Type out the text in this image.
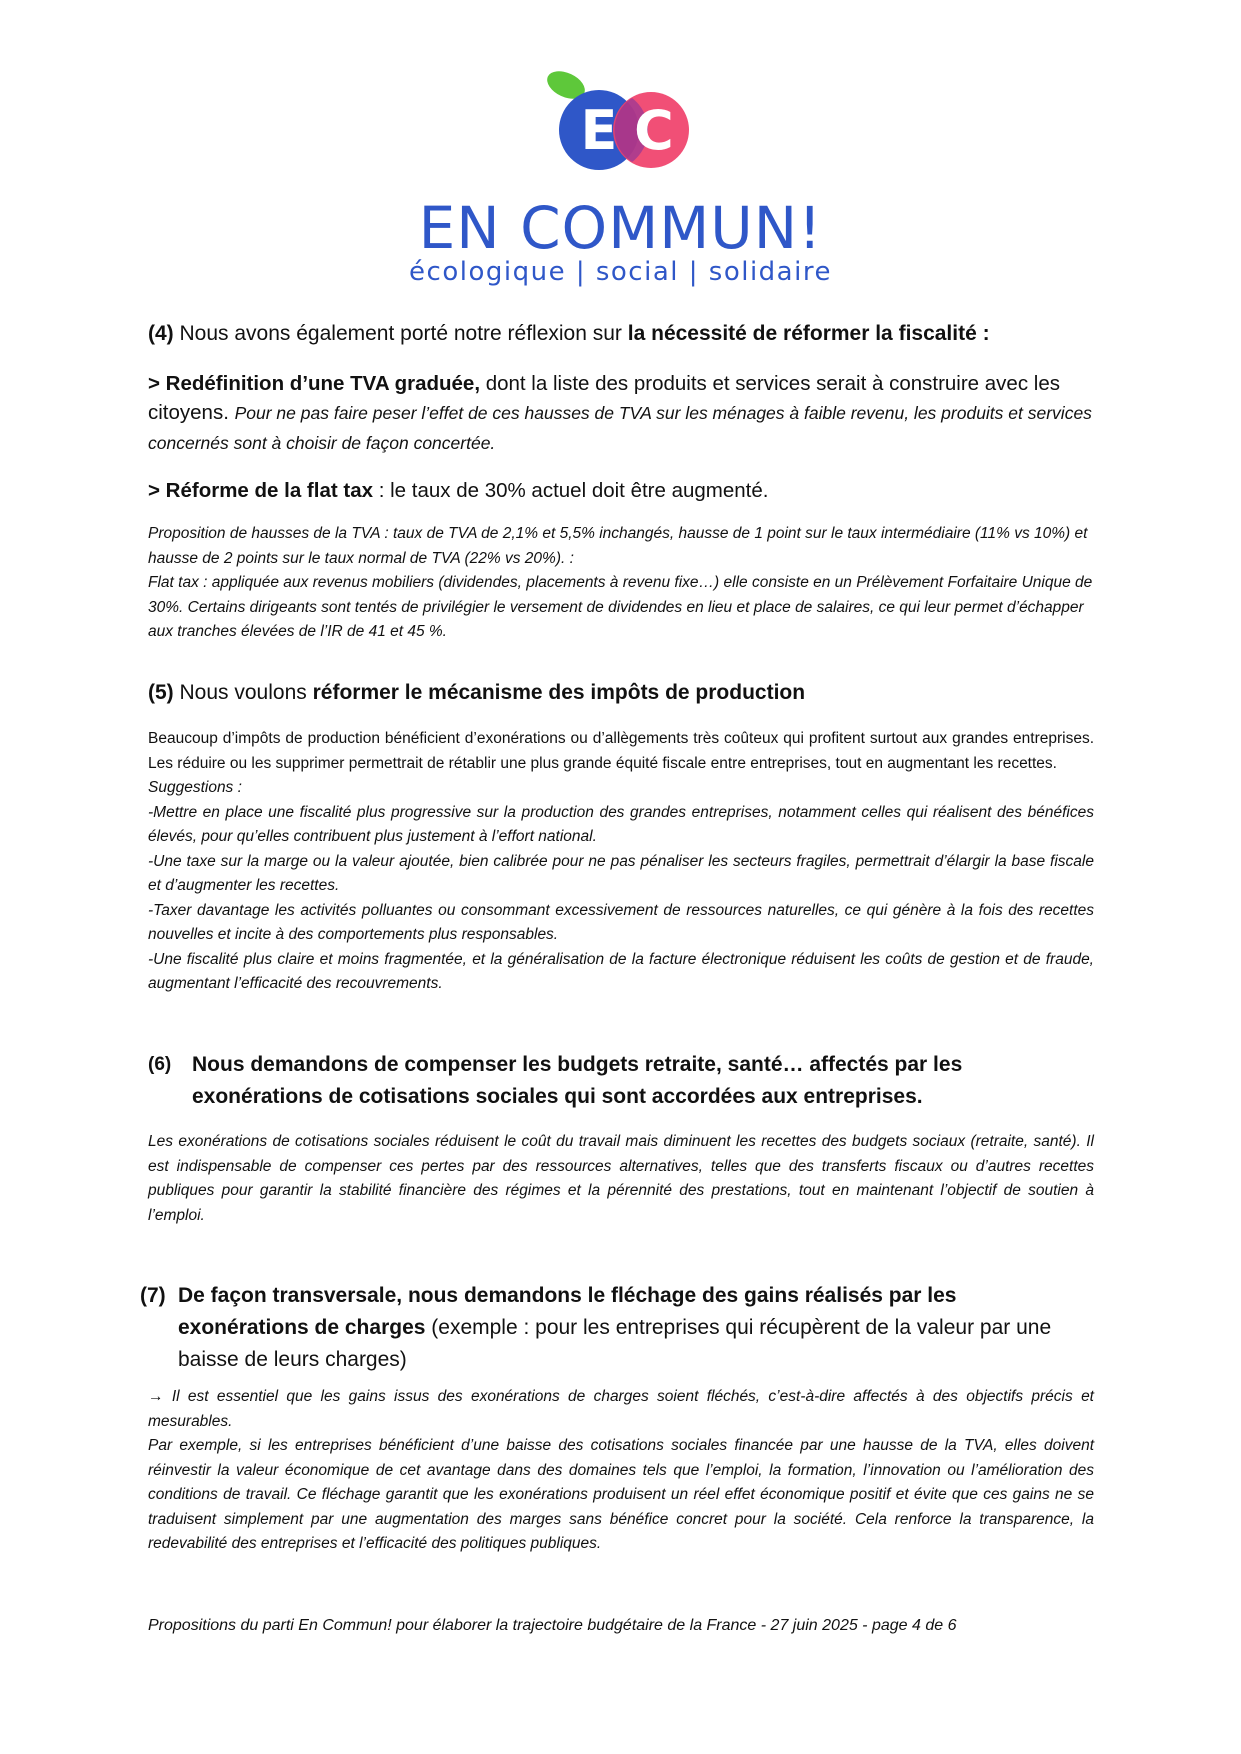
E C
EN COMMUN!
écologique | social | solidaire

(4) Nous avons également porté notre réflexion sur la nécessité de réformer la fiscalité :

> Redéfinition d’une TVA graduée, dont la liste des produits et services serait à construire avec les citoyens. Pour ne pas faire peser l’effet de ces hausses de TVA sur les ménages à faible revenu, les produits et services concernés sont à choisir de façon concertée.

> Réforme de la flat tax : le taux de 30% actuel doit être augmenté.

Proposition de hausses de la TVA : taux de TVA de 2,1% et 5,5% inchangés, hausse de 1 point sur le taux intermédiaire (11% vs 10%) et hausse de 2 points sur le taux normal de TVA (22% vs 20%). :

Flat tax : appliquée aux revenus mobiliers (dividendes, placements à revenu fixe…) elle consiste en un Prélèvement Forfaitaire Unique de 30%. Certains dirigeants sont tentés de privilégier le versement de dividendes en lieu et place de salaires, ce qui leur permet d’échapper aux tranches élevées de l’IR de 41 et 45 %.

(5) Nous voulons réformer le mécanisme des impôts de production

Beaucoup d’impôts de production bénéficient d’exonérations ou d’allègements très coûteux qui profitent surtout aux grandes entreprises. Les réduire ou les supprimer permettrait de rétablir une plus grande équité fiscale entre entreprises, tout en augmentant les recettes.

Suggestions :

-Mettre en place une fiscalité plus progressive sur la production des grandes entreprises, notamment celles qui réalisent des bénéfices élevés, pour qu’elles contribuent plus justement à l’effort national.

-Une taxe sur la marge ou la valeur ajoutée, bien calibrée pour ne pas pénaliser les secteurs fragiles, permettrait d’élargir la base fiscale et d’augmenter les recettes.

-Taxer davantage les activités polluantes ou consommant excessivement de ressources naturelles, ce qui génère à la fois des recettes nouvelles et incite à des comportements plus responsables.

-Une fiscalité plus claire et moins fragmentée, et la généralisation de la facture électronique réduisent les coûts de gestion et de fraude, augmentant l’efficacité des recouvrements.

(6) Nous demandons de compenser les budgets retraite, santé… affectés par les
exonérations de cotisations sociales qui sont accordées aux entreprises.

Les exonérations de cotisations sociales réduisent le coût du travail mais diminuent les recettes des budgets sociaux (retraite, santé). Il est indispensable de compenser ces pertes par des ressources alternatives, telles que des transferts fiscaux ou d’autres recettes publiques pour garantir la stabilité financière des régimes et la pérennité des prestations, tout en maintenant l’objectif de soutien à l’emploi.

(7) De façon transversale, nous demandons le fléchage des gains réalisés par les
exonérations de charges (exemple : pour les entreprises qui récupèrent de la valeur par une
baisse de leurs charges)

→ Il est essentiel que les gains issus des exonérations de charges soient fléchés, c’est-à-dire affectés à des objectifs précis et mesurables.

Par exemple, si les entreprises bénéficient d’une baisse des cotisations sociales financée par une hausse de la TVA, elles doivent réinvestir la valeur économique de cet avantage dans des domaines tels que l’emploi, la formation, l’innovation ou l’amélioration des conditions de travail. Ce fléchage garantit que les exonérations produisent un réel effet économique positif et évite que ces gains ne se traduisent simplement par une augmentation des marges sans bénéfice concret pour la société. Cela renforce la transparence, la redevabilité des entreprises et l’efficacité des politiques publiques.

Propositions du parti En Commun! pour élaborer la trajectoire budgétaire de la France - 27 juin 2025 - page 4 de 6
